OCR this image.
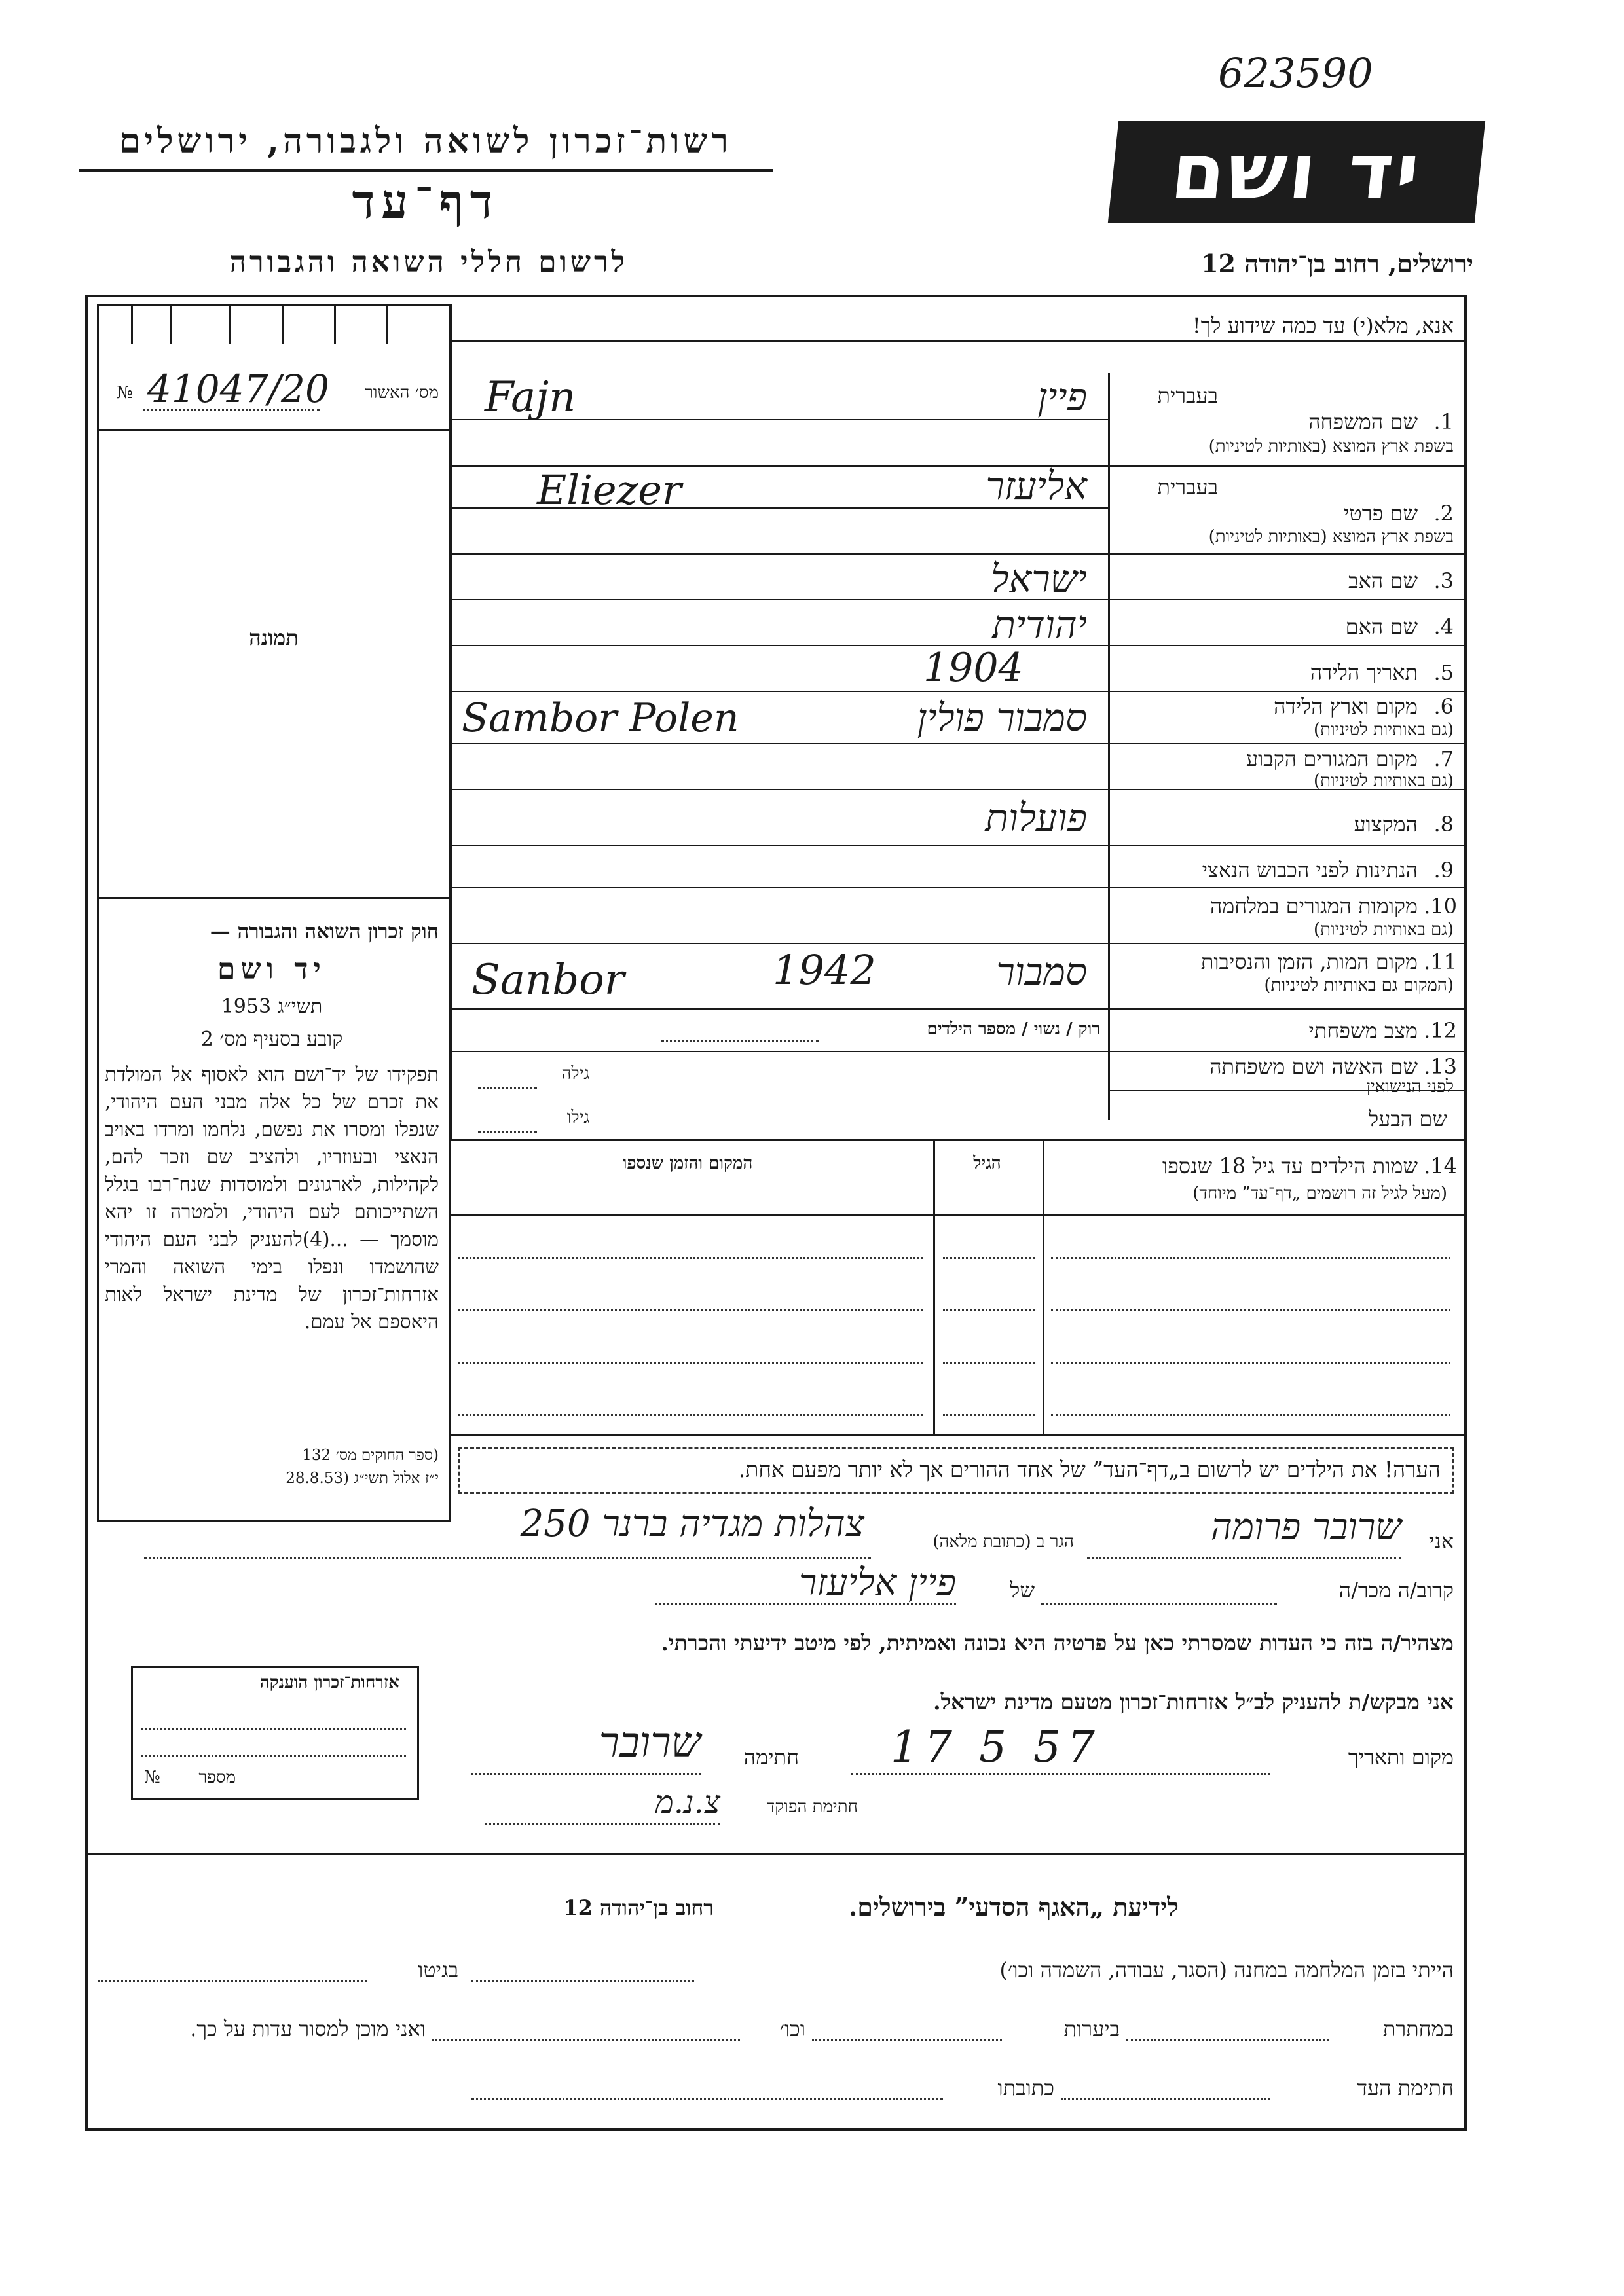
623590
יד ושם
רשות־זכרון לשואה ולגבורה, ירושלים
דף־עד
לרשום חללי השואה והגבורה	ירושלים, רחוב בן־יהודה 12
מס׳ האשור
№ 41047/20
תמונה
חוק זכרון השואה והגבורה —
יד ושם
תשי״ג 1953
קובע בסעיף מס׳ 2
תפקידו של יד־ושם הוא לאסוף אל המולדת את זכרם של כל אלה מבני העם היהודי, שנפלו ומסרו את נפשם, נלחמו ומרדו באויב הנאצי ובעוזריו, ולהציב שם וזכר להם, לקהילות, לארגונים ולמוסדות שנח־רבו בגלל השתייכותם לעם היהודי, ולמטרה זו יהא מוסמך — ...(4)להעניק לבני העם היהודי שהושמדו ונפלו בימי השואה והמרי אזרחות־זכרון של מדינת ישראל לאות היאספם אל עמם.
(ספר החוקים מס׳ 132
י״ז אלול תשי״ג (28.8.53
אנא, מלא(י) עד כמה שידוע לך!
1.
שם המשפחה
בעברית
בשפת ארץ המוצא (באותיות לטיניות)
פיין
Fajn
2.
שם פרטי
בעברית
בשפת ארץ המוצא (באותיות לטיניות)
אליעזר
Eliezer
3.
שם האב
ישראל
4.
שם האם
יהודית
5.
תאריך הלידה
1904
6.
מקום וארץ הלידה
(גם באותיות לטיניות)
סמבור פולין
Sambor Polen
7.
מקום המגורים הקבוע
(גם באותיות לטיניות)
8.
המקצוע
פועלות
9.
הנתינות לפני הכבוש הנאצי
10.
מקומות המגורים במלחמה
(גם באותיות לטיניות)
11.
מקום המות, הזמן והנסיבות
(המקום גם באותיות לטיניות)
סמבור
1942
Sanbor
12.
מצב משפחתי
רוק / נשוי / מספר הילדים
13.
שם האשה ושם משפחתה
לפני הנישואין
גילה
שם הבעל
גילו
14.
שמות הילדים עד גיל 18 שנספו
(מעל לגיל זה רושמים „דף־עד” מיוחד)
הגיל
המקום והזמן שנספו
הערה! את הילדים יש לרשום ב„דף־העד” של אחד ההורים אך לא יותר מפעם אחת.
אני
שרובר פרומה
הגר ב (כתובת מלאה)
צהלות מגדיה ברנר 250
קרוב/ה מכר/ה
של
פיין אליעזר
מצהיר/ה בזה כי העדות שמסרתי כאן על פרטיה היא נכונה ואמיתית, לפי מיטב ידיעתי והכרתי.
אני מבקש/ת להעניק לב״ל אזרחות־זכרון מטעם מדינת ישראל.
מקום ותאריך
17 5 57
חתימה
שרובר
חתימת הפוקד
צ.נ.מ
אזרחות־זכרון הוענקה
מספר
№
לידיעת „האגף הסדעי” בירושלים.
רחוב בן־יהודה 12
הייתי בזמן המלחמה במחנה (הסגר, עבודה, השמדה וכו׳)
בגיטו
במחתרת
ביערות
וכו׳
ואני מוכן למסור עדות על כך.
חתימת העד
כתובתו
